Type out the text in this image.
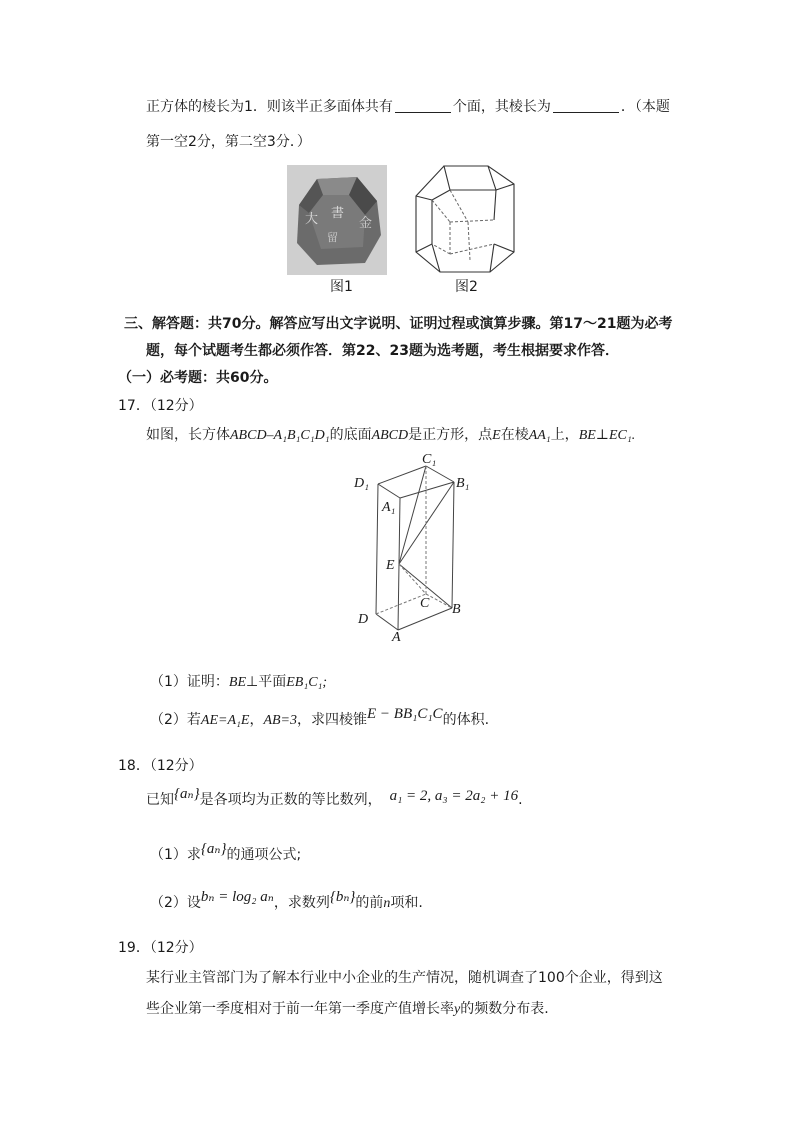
正方体的棱长为1．则该半正多面体共有	个面，其棱长为	．（本题
第一空2分，第二空3分．）
大 書
金
留
图1	图2
三、解答题：共70分。解答应写出文字说明、证明过程或演算步骤。第17～21题为必考
题，每个试题考生都必须作答．第22、23题为选考题，考生根据要求作答．
（一）必考题：共60分。
17．（12分）
如图，长方体ABCD–A₁B₁C₁D₁的底面ABCD是正方形，点E在棱AA₁上，BE⊥EC₁.
C₁
B₁
D₁
A₁
E
C B
D
A
（1）证明：BE⊥平面EB₁C₁;
（2）若AE=A₁E，AB=3，求四棱锥E − BB₁C₁C的体积.
18．（12分）
已知{aₙ}是各项均为正数的等比数列， a₁ = 2, a₃ = 2a₂ + 16.
（1）求{aₙ}的通项公式;
（2）设bₙ = log₂ aₙ，求数列{bₙ}的前n项和.
19．（12分）
某行业主管部门为了解本行业中小企业的生产情况，随机调查了100个企业，得到这
些企业第一季度相对于前一年第一季度产值增长率y的频数分布表.
